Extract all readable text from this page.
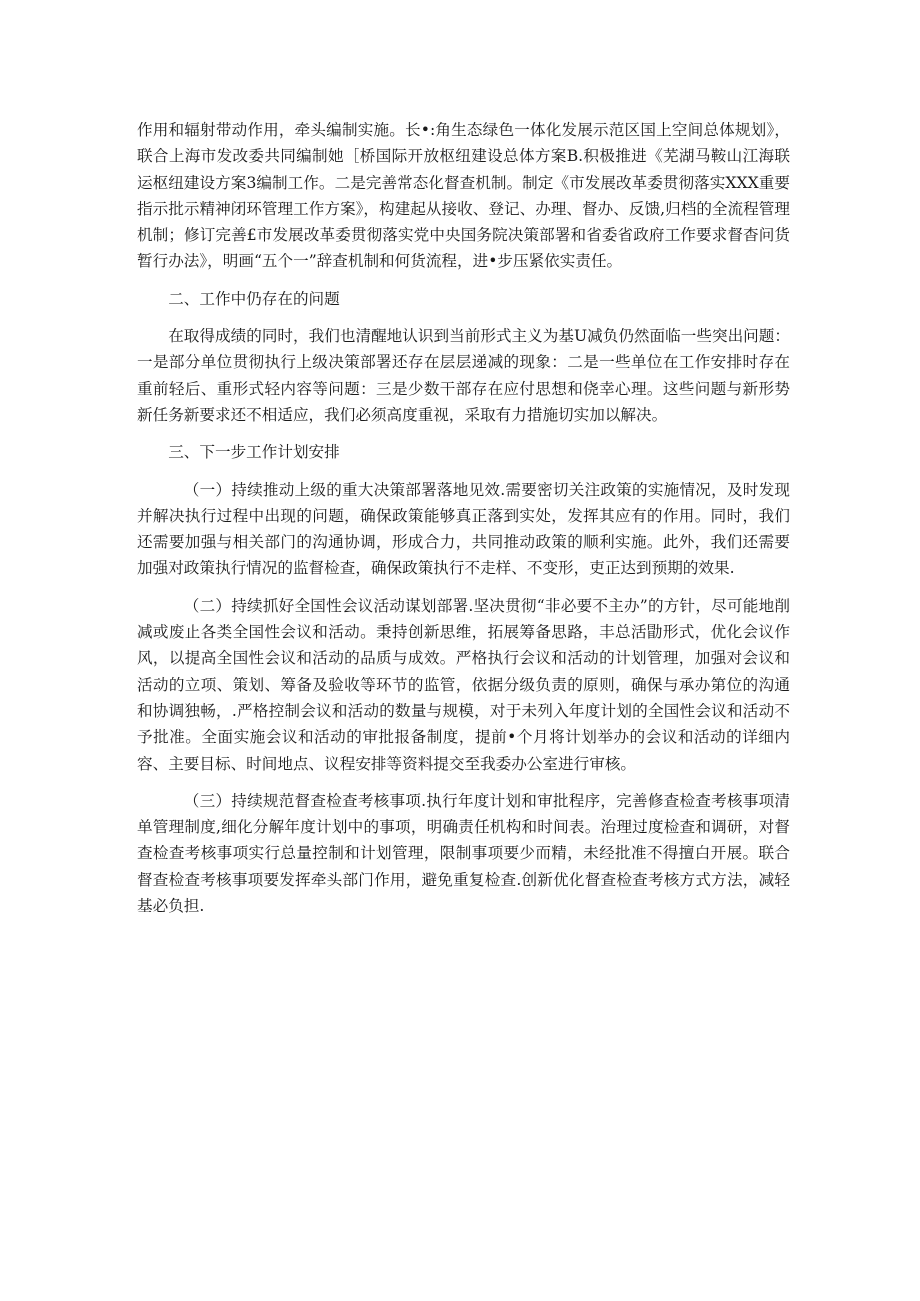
作用和辐射带动作用，牵头编制实施。长•:角生态绿色一体化发展示范区国上空间总体规划》，联合上海市发改委共同编制她［桥国际开放枢纽建设总体方案B.积极推进《芜湖马鞍山江海联运枢纽建设方案3编制工作。二是完善常态化督查机制。制定《市发展改革委贯彻落实XXX重要指示批示精神闭环管理工作方案》，构建起从接收、登记、办理、督办、反馈,归档的全流程管理机制；修订完善£市发展改革委贯彻落实党中央国务院决策部署和省委省政府工作要求督杳问货暂行办法》，明画“五个一”辞查机制和何货流程，进•步压紧依实责任。

二、工作中仍存在的问题

在取得成绩的同时，我们也清醒地认识到当前形式主义为基U减负仍然面临一些突出问题：一是部分单位贯彻执行上级决策部署还存在层层递减的现象：二是一些单位在工作安排时存在重前轻后、重形式轻内容等问题：三是少数干部存在应付思想和侥幸心理。这些问题与新形势新任务新要求还不相适应，我们必须高度重视，采取有力措施切实加以解决。

三、下一步工作计划安排

（一）持续推动上级的重大决策部署落地见效.需要密切关注政策的实施情况，及时发现并解决执行过程中出现的问题，确保政策能够真正落到实处，发挥其应有的作用。同时，我们还需要加强与相关部门的沟通协调，形成合力，共同推动政策的顺利实施。此外，我们还需要加强对政策执行情况的监督检查，确保政策执行不走样、不变形，吏正达到预期的效果.

（二）持续抓好全国性会议活动谋划部署.坚决贯彻“非必要不主办”的方针，尽可能地削减或废止各类全国性会议和活动。秉持创新思维，拓展筹备思路，丰总活勖形式，优化会议作风，以提高全国性会议和活动的品质与成效。严格执行会议和活动的计划管理，加强对会议和活动的立项、策划、筹备及验收等环节的监管，依据分级负责的原则，确保与承办第位的沟通和协调独畅，.严格控制会议和活动的数量与规模，对于未列入年度计划的全国性会议和活动不予批准。全面实施会议和活动的审批报备制度，提前•个月将计划举办的会议和活动的详细内容、主要目标、时间地点、议程安排等资料提交至我委办公室进行审核。

（三）持续规范督查检查考核事项.执行年度计划和审批程序，完善修查检查考核事项清单管理制度,细化分解年度计划中的事项，明确责任机构和时间表。治理过度检查和调研，对督查检查考核事项实行总量控制和计划管理，限制事项要少而精，未经批准不得擅白开展。联合督查检查考核事项要发挥牵头部门作用，避免重复检查.创新优化督查检查考核方式方法，减轻基必负担.
